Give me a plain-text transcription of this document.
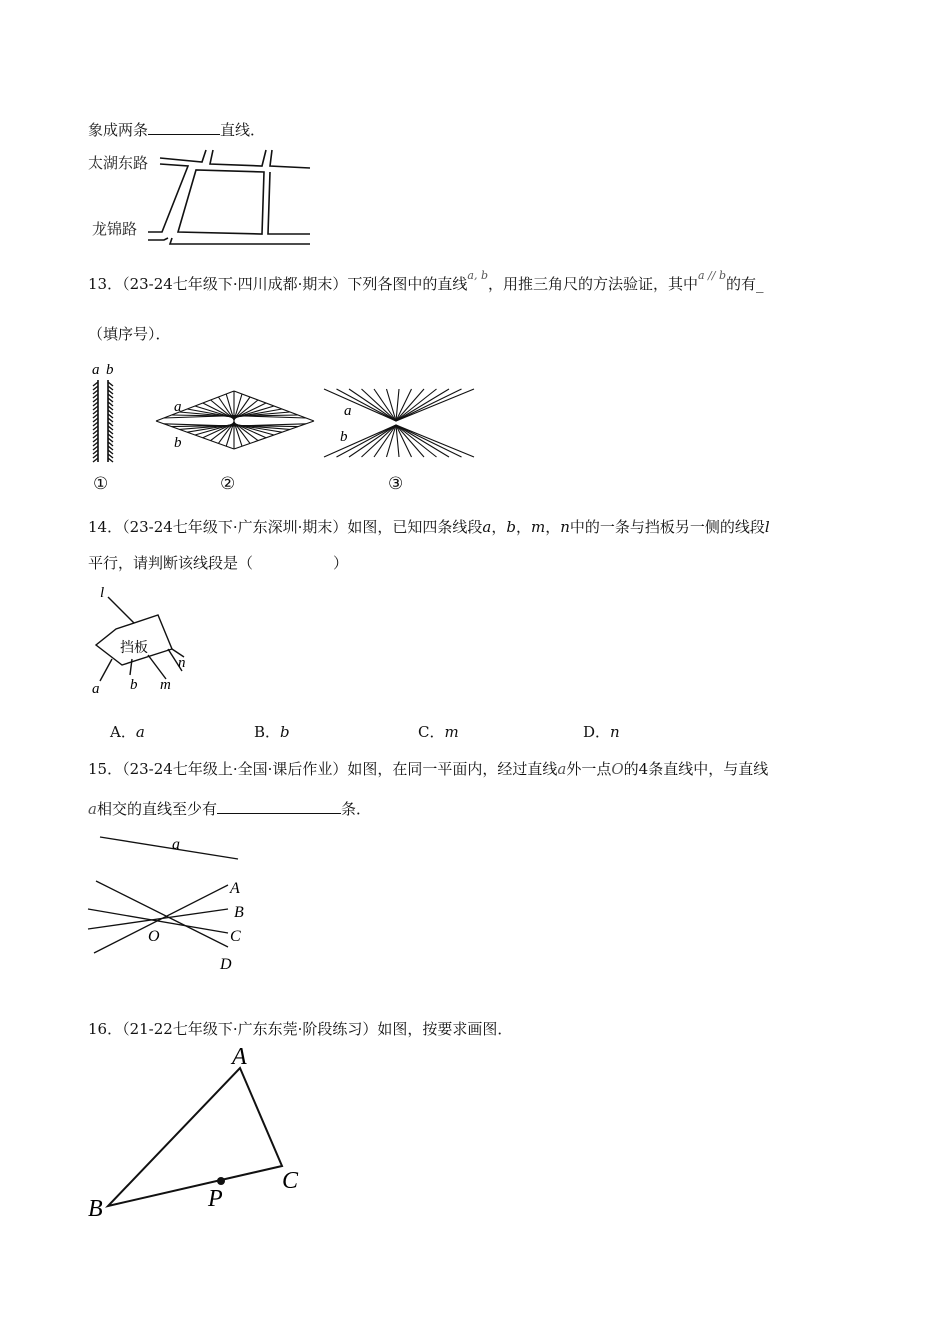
象成两条	直线．
太湖东路
龙锦路
13．（23-24七年级下·四川成都·期末）下列各图中的直线$^{a, b}$，用推三角尺的方法验证，其中$^{a // b}$的有_
（填序号）．
a b
①
a
b
②
a
b
③
14．（23-24七年级下·广东深圳·期末）如图，已知四条线段a，b，m，n中的一条与挡板另一侧的线段l
平行，请判断该线段是（	）
l
挡板
a b m
n
A．a	B．b	C．m	D．n
15．（23-24七年级上·全国·课后作业）如图，在同一平面内，经过直线a外一点O的4条直线中，与直线
a相交的直线至少有	条．
a
A
B
C
D
O
16．（21-22七年级下·广东东莞·阶段练习）如图，按要求画图．
A
C
B	P
